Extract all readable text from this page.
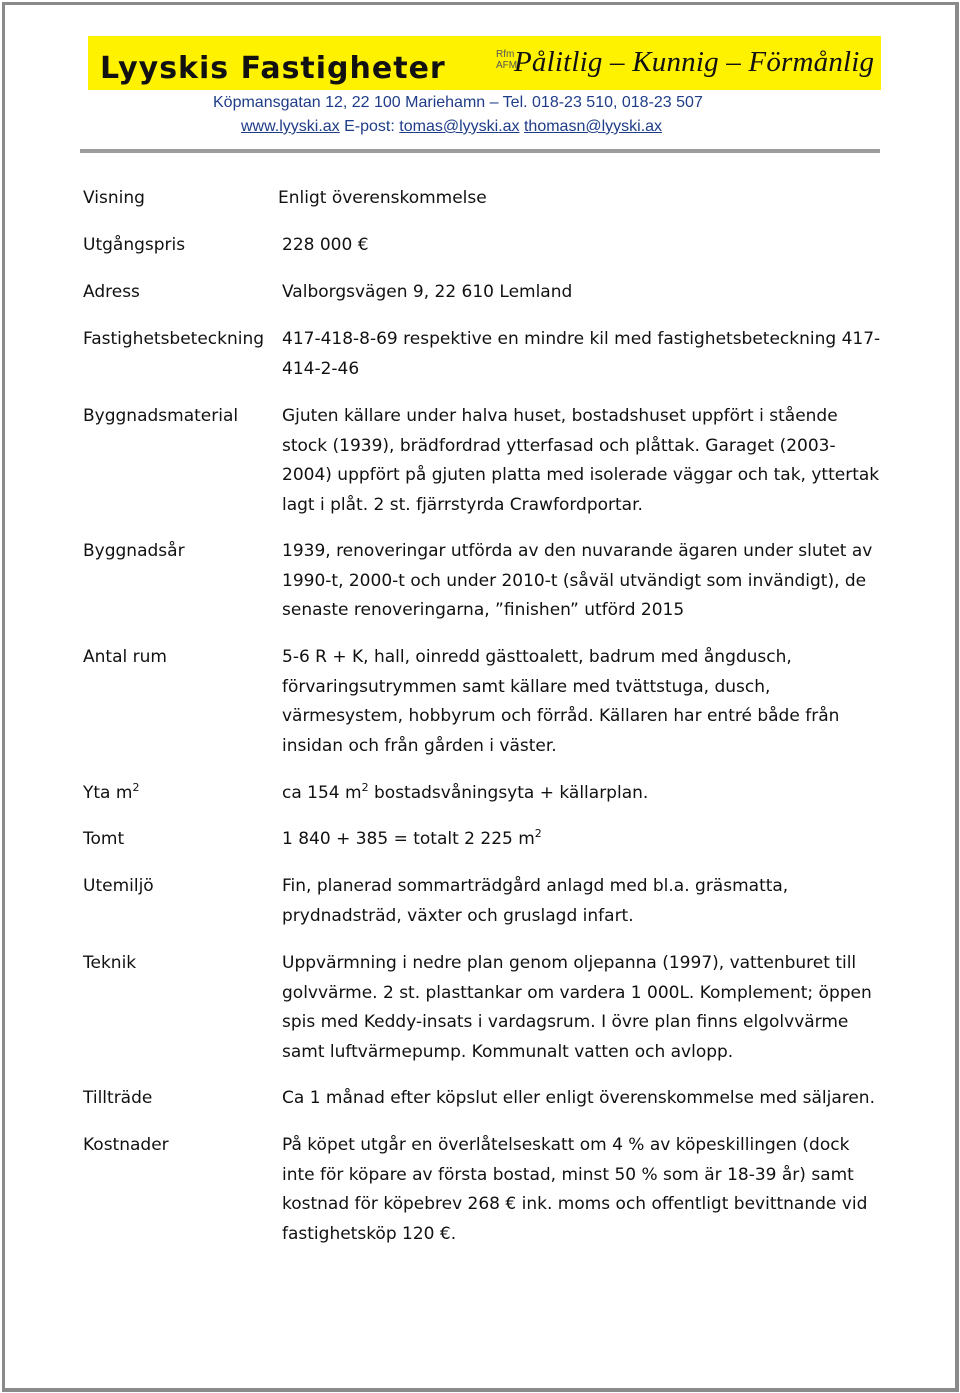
Lyyskis Fastigheter	Rfm
AFM
Pålitlig – Kunnig – Förmånlig
Köpmansgatan 12, 22 100 Mariehamn – Tel. 018-23 510, 018-23 507
www.lyyski.ax E-post: tomas@lyyski.ax thomasn@lyyski.ax
Visning	Enligt överenskommelse
Utgångspris	228 000 €
Adress	Valborgsvägen 9, 22 610 Lemland
Fastighetsbeteckning 417-418-8-69 respektive en mindre kil med fastighetsbeteckning 417-
414-2-46
Byggnadsmaterial	Gjuten källare under halva huset, bostadshuset uppfört i stående
stock (1939), brädfordrad ytterfasad och plåttak. Garaget (2003-
2004) uppfört på gjuten platta med isolerade väggar och tak, yttertak
lagt i plåt. 2 st. fjärrstyrda Crawfordportar.
Byggnadsår	1939, renoveringar utförda av den nuvarande ägaren under slutet av
1990-t, 2000-t och under 2010-t (såväl utvändigt som invändigt), de
senaste renoveringarna, ”finishen” utförd 2015
Antal rum	5-6 R + K, hall, oinredd gästtoalett, badrum med ångdusch,
förvaringsutrymmen samt källare med tvättstuga, dusch,
värmesystem, hobbyrum och förråd. Källaren har entré både från
insidan och från gården i väster.
Yta $m^2$	ca 154 $m^2$ bostadsvåningsyta + källarplan.
Tomt	1 840 + 385 = totalt 2 225 $m^2$
Utemiljö	Fin, planerad sommarträdgård anlagd med bl.a. gräsmatta,
prydnadsträd, växter och gruslagd infart.
Teknik	Uppvärmning i nedre plan genom oljepanna (1997), vattenburet till
golvvärme. 2 st. plasttankar om vardera 1 000L. Komplement; öppen
spis med Keddy-insats i vardagsrum. I övre plan finns elgolvvärme
samt luftvärmepump. Kommunalt vatten och avlopp.
Tillträde	Ca 1 månad efter köpslut eller enligt överenskommelse med säljaren.
Kostnader	På köpet utgår en överlåtelseskatt om 4 % av köpeskillingen (dock
inte för köpare av första bostad, minst 50 % som är 18-39 år) samt
kostnad för köpebrev 268 € ink. moms och offentligt bevittnande vid
fastighetsköp 120 €.
